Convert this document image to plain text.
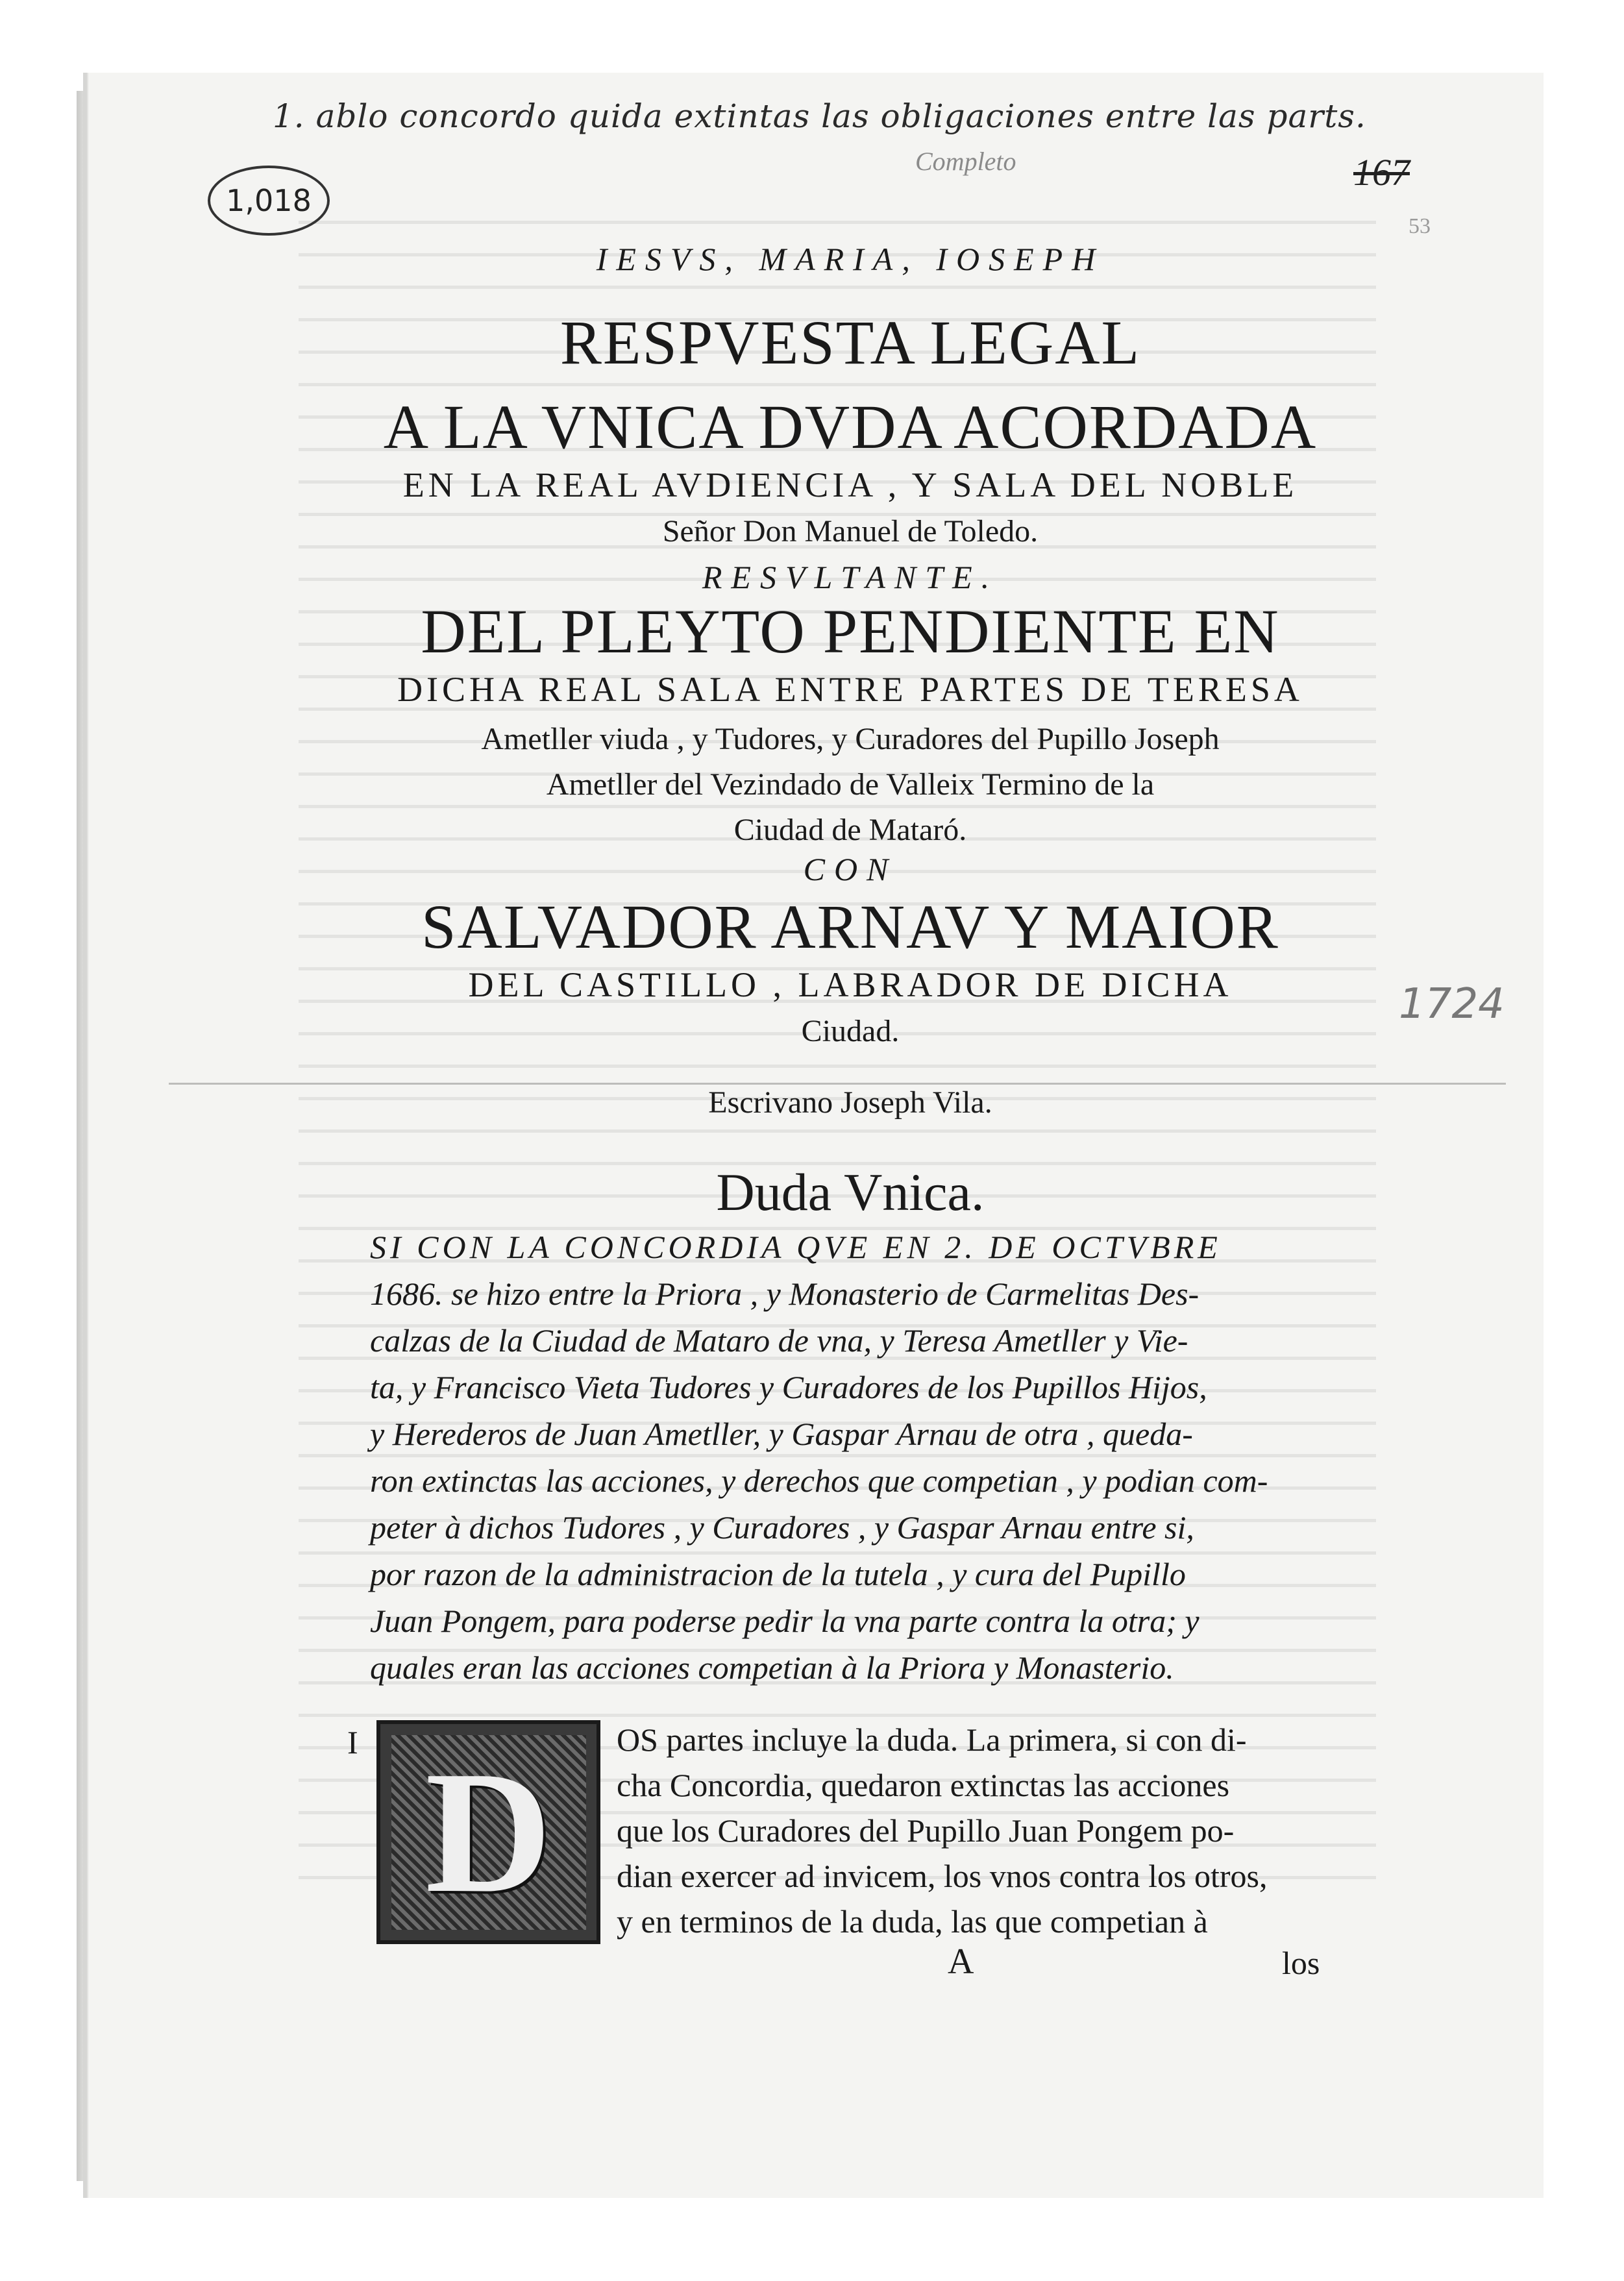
1. ablo concordo quida extintas las obligaciones entre las parts.
Completo	167
53
1,018
1724
IESVS, MARIA, IOSEPH
RESPVESTA LEGAL
A LA VNICA DVDA ACORDADA
EN LA REAL AVDIENCIA , Y SALA DEL NOBLE
Señor Don Manuel de Toledo.
RESVLTANTE.
DEL PLEYTO PENDIENTE EN
DICHA REAL SALA ENTRE PARTES DE TERESA
Ametller viuda , y Tudores, y Curadores del Pupillo Joseph
Ametller del Vezindado de Valleix Termino de la
Ciudad de Mataró.
CON
SALVADOR ARNAV Y MAIOR
DEL CASTILLO , LABRADOR DE DICHA
Ciudad.
Escrivano Joseph Vila.
Duda Vnica.
SI CON LA CONCORDIA QVE EN 2. DE OCTVBRE
1686. se hizo entre la Priora , y Monasterio de Carmelitas Des-
calzas de la Ciudad de Mataro de vna, y Teresa Ametller y Vie-
ta, y Francisco Vieta Tudores y Curadores de los Pupillos Hijos,
y Herederos de Juan Ametller, y Gaspar Arnau de otra , queda-
ron extinctas las acciones, y derechos que competian , y podian com-
peter à dichos Tudores , y Curadores , y Gaspar Arnau entre si,
por razon de la administracion de la tutela , y cura del Pupillo
Juan Pongem, para poderse pedir la vna parte contra la otra; y
quales eran las acciones competian à la Priora y Monasterio.
I D	OS partes incluye la duda. La primera, si con di-
cha Concordia, quedaron extinctas las acciones
que los Curadores del Pupillo Juan Pongem po-
dian exercer ad invicem, los vnos contra los otros,
y en terminos de la duda, las que competian à
A	los
